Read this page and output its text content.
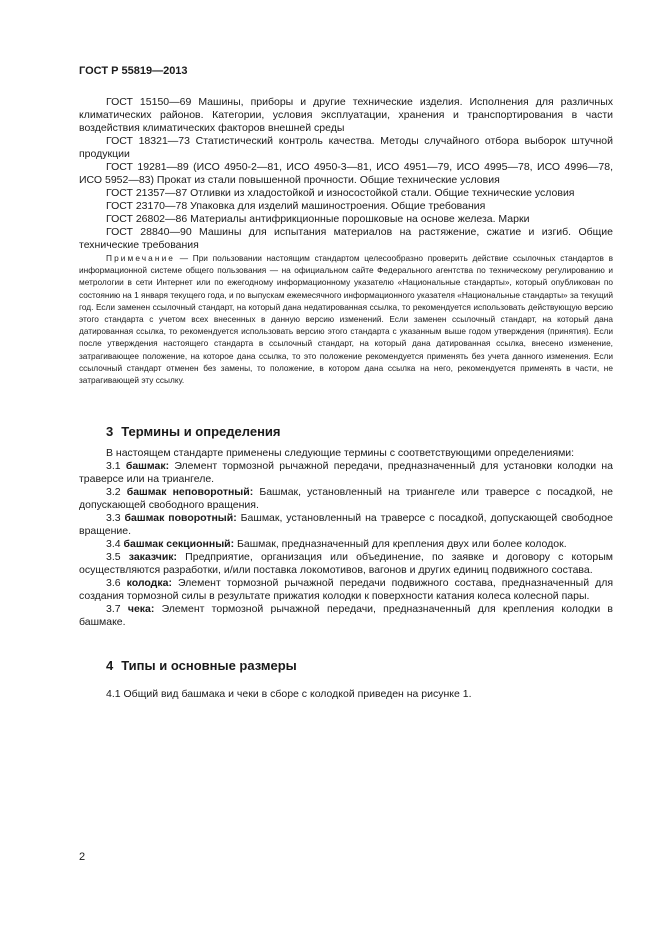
ГОСТ Р 55819—2013

ГОСТ 15150—69 Машины, приборы и другие технические изделия. Исполнения для различных климатических районов. Категории, условия эксплуатации, хранения и транспортирования в части воздействия климатических факторов внешней среды

ГОСТ 18321—73 Статистический контроль качества. Методы случайного отбора выборок штучной продукции

ГОСТ 19281—89 (ИСО 4950-2—81, ИСО 4950-3—81, ИСО 4951—79, ИСО 4995—78, ИСО 4996—78, ИСО 5952—83) Прокат из стали повышенной прочности. Общие технические условия

ГОСТ 21357—87 Отливки из хладостойкой и износостойкой стали. Общие технические условия

ГОСТ 23170—78 Упаковка для изделий машиностроения. Общие требования

ГОСТ 26802—86 Материалы антифрикционные порошковые на основе железа. Марки

ГОСТ 28840—90 Машины для испытания материалов на растяжение, сжатие и изгиб. Общие технические требования

Примечание — При пользовании настоящим стандартом целесообразно проверить действие ссылочных стандартов в информационной системе общего пользования — на официальном сайте Федерального агентства по техническому регулированию и метрологии в сети Интернет или по ежегодному информационному указателю «Национальные стандарты», который опубликован по состоянию на 1 января текущего года, и по выпускам ежемесячного информационного указателя «Национальные стандарты» за текущий год. Если заменен ссылочный стандарт, на который дана недатированная ссылка, то рекомендуется использовать действующую версию этого стандарта с учетом всех внесенных в данную версию изменений. Если заменен ссылочный стандарт, на который дана датированная ссылка, то рекомендуется использовать версию этого стандарта с указанным выше годом утверждения (принятия). Если после утверждения настоящего стандарта в ссылочный стандарт, на который дана датированная ссылка, внесено изменение, затрагивающее положение, на которое дана ссылка, то это положение рекомендуется применять без учета данного изменения. Если ссылочный стандарт отменен без замены, то положение, в котором дана ссылка на него, рекомендуется применять в части, не затрагивающей эту ссылку.

3 Термины и определения

В настоящем стандарте применены следующие термины с соответствующими определениями:

3.1 башмак: Элемент тормозной рычажной передачи, предназначенный для установки колодки на траверсе или на триангеле.

3.2 башмак неповоротный: Башмак, установленный на триангеле или траверсе с посадкой, не допускающей свободного вращения.

3.3 башмак поворотный: Башмак, установленный на траверсе с посадкой, допускающей свободное вращение.

3.4 башмак секционный: Башмак, предназначенный для крепления двух или более колодок.

3.5 заказчик: Предприятие, организация или объединение, по заявке и договору с которым осуществляются разработки, и/или поставка локомотивов, вагонов и других единиц подвижного состава.

3.6 колодка: Элемент тормозной рычажной передачи подвижного состава, предназначенный для создания тормозной силы в результате прижатия колодки к поверхности катания колеса колесной пары.

3.7 чека: Элемент тормозной рычажной передачи, предназначенный для крепления колодки в башмаке.

4 Типы и основные размеры

4.1 Общий вид башмака и чеки в сборе с колодкой приведен на рисунке 1.

2
